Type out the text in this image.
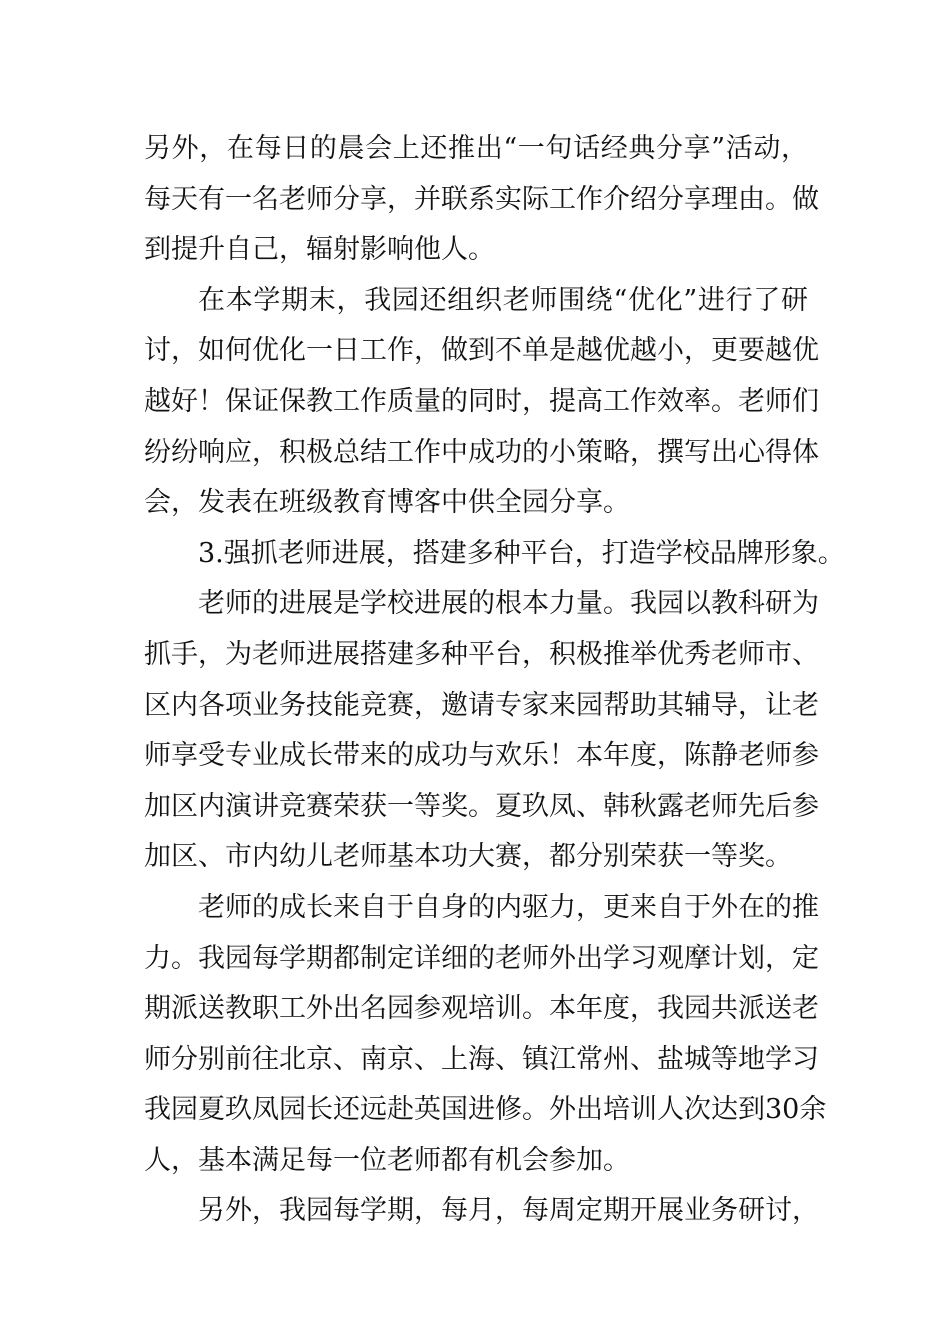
另外，在每日的晨会上还推出“一句话经典分享”活动，
每天有一名老师分享，并联系实际工作介绍分享理由。做
到提升自己，辐射影响他人。
在本学期末，我园还组织老师围绕“优化”进行了研
讨，如何优化一日工作，做到不单是越优越小，更要越优
越好！保证保教工作质量的同时，提高工作效率。老师们
纷纷响应，积极总结工作中成功的小策略，撰写出心得体
会，发表在班级教育博客中供全园分享。
3.强抓老师进展，搭建多种平台，打造学校品牌形象。
老师的进展是学校进展的根本力量。我园以教科研为
抓手，为老师进展搭建多种平台，积极推举优秀老师市、
区内各项业务技能竞赛，邀请专家来园帮助其辅导，让老
师享受专业成长带来的成功与欢乐！本年度，陈静老师参
加区内演讲竞赛荣获一等奖。夏玖凤、韩秋露老师先后参
加区、市内幼儿老师基本功大赛，都分别荣获一等奖。
老师的成长来自于自身的内驱力，更来自于外在的推
力。我园每学期都制定详细的老师外出学习观摩计划，定
期派送教职工外出名园参观培训。本年度，我园共派送老
师分别前往北京、南京、上海、镇江常州、盐城等地学习
我园夏玖凤园长还远赴英国进修。外出培训人次达到30余
人，基本满足每一位老师都有机会参加。
另外，我园每学期，每月，每周定期开展业务研讨，
